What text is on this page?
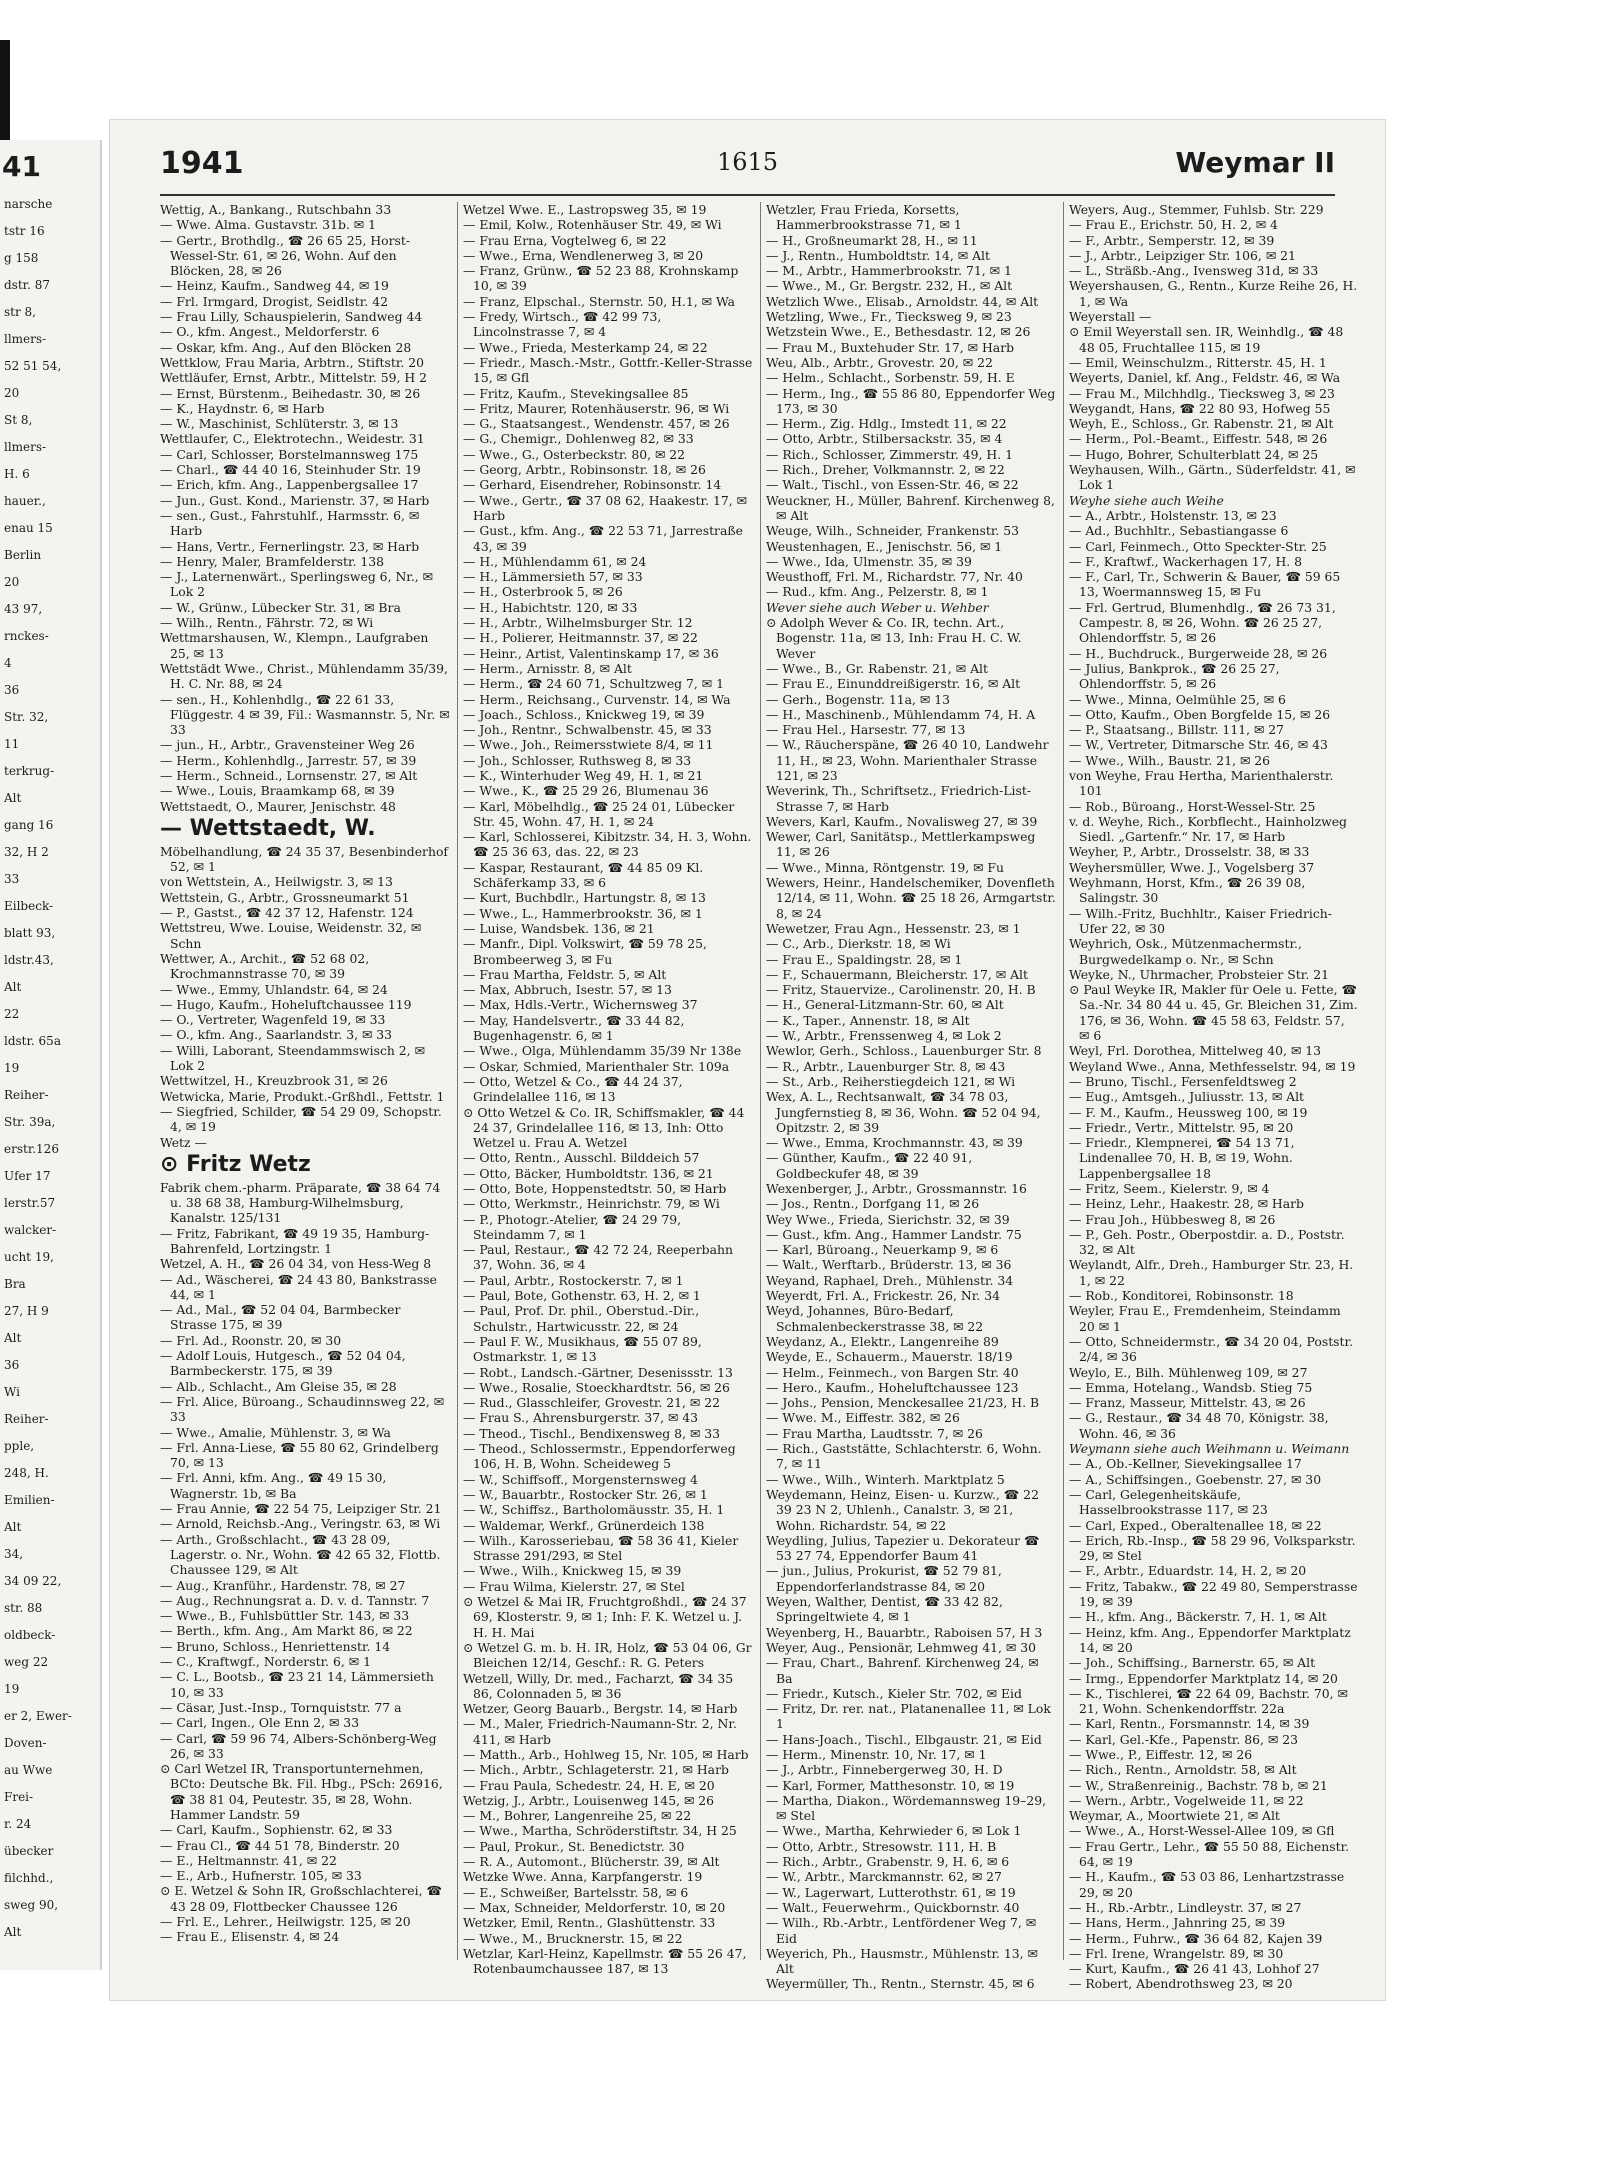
41
narsche
tstr 16
g 158
dstr. 87
str 8,
llmers-
52 51 54,
20
St 8,
llmers-
H. 6
hauer.,
enau 15
Berlin
20
43 97,
rnckes-
4
36
Str. 32,
11
terkrug-
Alt
gang 16
32, H 2
33
Eilbeck-
blatt 93,
ldstr.43,
Alt
22
ldstr. 65a
19
Reiher-
Str. 39a,
erstr.126
Ufer 17
lerstr.57
walcker-
ucht 19,
Bra
27, H 9
Alt
36
Wi
Reiher-
pple,
248, H.
Emilien-
Alt
34,
34 09 22,
str. 88
oldbeck-
weg 22
19
er 2, Ewer-
Doven-
au Wwe
Frei-
r. 24
übecker
filchhd.,
sweg 90,
Alt
1941	1615	Weymar II

Wettig, A., Bankang., Rutschbahn 33

— Wwe. Alma. Gustavstr. 31b. ✉ 1

— Gertr., Brothdlg., ☎ 26 65 25, Horst-Wessel-Str. 61, ✉ 26, Wohn. Auf den Blöcken, 28, ✉ 26

— Heinz, Kaufm., Sandweg 44, ✉ 19

— Frl. Irmgard, Drogist, Seidlstr. 42

— Frau Lilly, Schauspielerin, Sandweg 44

— O., kfm. Angest., Meldorferstr. 6

— Oskar, kfm. Ang., Auf den Blöcken 28

Wettklow, Frau Maria, Arbtrn., Stiftstr. 20

Wettläufer, Ernst, Arbtr., Mittelstr. 59, H 2

— Ernst, Bürstenm., Beihedastr. 30, ✉ 26

— K., Haydnstr. 6, ✉ Harb

— W., Maschinist, Schlüterstr. 3, ✉ 13

Wettlaufer, C., Elektrotechn., Weidestr. 31

— Carl, Schlosser, Borstelmannsweg 175

— Charl., ☎ 44 40 16, Steinhuder Str. 19

— Erich, kfm. Ang., Lappenbergsallee 17

— Jun., Gust. Kond., Marienstr. 37, ✉ Harb

— sen., Gust., Fahrstuhlf., Harmsstr. 6, ✉ Harb

— Hans, Vertr., Fernerlingstr. 23, ✉ Harb

— Henry, Maler, Bramfelderstr. 138

— J., Laternenwärt., Sperlingsweg 6, Nr., ✉ Lok 2

— W., Grünw., Lübecker Str. 31, ✉ Bra

— Wilh., Rentn., Fährstr. 72, ✉ Wi

Wettmarshausen, W., Klempn., Laufgraben 25, ✉ 13

Wettstädt Wwe., Christ., Mühlendamm 35/39, H. C. Nr. 88, ✉ 24

— sen., H., Kohlenhdlg., ☎ 22 61 33, Flüggestr. 4 ✉ 39, Fil.: Wasmannstr. 5, Nr. ✉ 33

— jun., H., Arbtr., Gravensteiner Weg 26

— Herm., Kohlenhdlg., Jarrestr. 57, ✉ 39

— Herm., Schneid., Lornsenstr. 27, ✉ Alt

— Wwe., Louis, Braamkamp 68, ✉ 39

Wettstaedt, O., Maurer, Jenischstr. 48

— Wettstaedt, W.

Möbelhandlung, ☎ 24 35 37, Besenbinderhof 52, ✉ 1

von Wettstein, A., Heilwigstr. 3, ✉ 13

Wettstein, G., Arbtr., Grossneumarkt 51

— P., Gastst., ☎ 42 37 12, Hafenstr. 124

Wettstreu, Wwe. Louise, Weidenstr. 32, ✉ Schn

Wettwer, A., Archit., ☎ 52 68 02, Krochmannstrasse 70, ✉ 39

— Wwe., Emmy, Uhlandstr. 64, ✉ 24

— Hugo, Kaufm., Hoheluftchaussee 119

— O., Vertreter, Wagenfeld 19, ✉ 33

— O., kfm. Ang., Saarlandstr. 3, ✉ 33

— Willi, Laborant, Steendammswisch 2, ✉ Lok 2

Wettwitzel, H., Kreuzbrook 31, ✉ 26

Wetwicka, Marie, Produkt.-Grßhdl., Fettstr. 1

— Siegfried, Schilder, ☎ 54 29 09, Schopstr. 4, ✉ 19

Wetz —

⊙ Fritz Wetz

Fabrik chem.-pharm. Präparate, ☎ 38 64 74 u. 38 68 38, Hamburg-Wilhelmsburg, Kanalstr. 125/131

— Fritz, Fabrikant, ☎ 49 19 35, Hamburg-Bahrenfeld, Lortzingstr. 1

Wetzel, A. H., ☎ 26 04 34, von Hess-Weg 8

— Ad., Wäscherei, ☎ 24 43 80, Bankstrasse 44, ✉ 1

— Ad., Mal., ☎ 52 04 04, Barmbecker Strasse 175, ✉ 39

— Frl. Ad., Roonstr. 20, ✉ 30

— Adolf Louis, Hutgesch., ☎ 52 04 04, Barmbeckerstr. 175, ✉ 39

— Alb., Schlacht., Am Gleise 35, ✉ 28

— Frl. Alice, Büroang., Schaudinnsweg 22, ✉ 33

— Wwe., Amalie, Mühlenstr. 3, ✉ Wa

— Frl. Anna-Liese, ☎ 55 80 62, Grindelberg 70, ✉ 13

— Frl. Anni, kfm. Ang., ☎ 49 15 30, Wagnerstr. 1b, ✉ Ba

— Frau Annie, ☎ 22 54 75, Leipziger Str. 21

— Arnold, Reichsb.-Ang., Veringstr. 63, ✉ Wi

— Arth., Großschlacht., ☎ 43 28 09, Lagerstr. o. Nr., Wohn. ☎ 42 65 32, Flottb. Chaussee 129, ✉ Alt

— Aug., Kranführ., Hardenstr. 78, ✉ 27

— Aug., Rechnungsrat a. D. v. d. Tannstr. 7

— Wwe., B., Fuhlsbüttler Str. 143, ✉ 33

— Berth., kfm. Ang., Am Markt 86, ✉ 22

— Bruno, Schloss., Henriettenstr. 14

— C., Kraftwgf., Norderstr. 6, ✉ 1

— C. L., Bootsb., ☎ 23 21 14, Lämmersieth 10, ✉ 33

— Cäsar, Just.-Insp., Tornquiststr. 77 a

— Carl, Ingen., Ole Enn 2, ✉ 33

— Carl, ☎ 59 96 74, Albers-Schönberg-Weg 26, ✉ 33

⊙ Carl Wetzel IR, Transportunternehmen, BCto: Deutsche Bk. Fil. Hbg., PSch: 26916, ☎ 38 81 04, Peutestr. 35, ✉ 28, Wohn. Hammer Landstr. 59

— Carl, Kaufm., Sophienstr. 62, ✉ 33

— Frau Cl., ☎ 44 51 78, Binderstr. 20

— E., Heltmannstr. 41, ✉ 22

— E., Arb., Hufnerstr. 105, ✉ 33

⊙ E. Wetzel & Sohn IR, Großschlachterei, ☎ 43 28 09, Flottbecker Chaussee 126

— Frl. E., Lehrer., Heilwigstr. 125, ✉ 20

— Frau E., Elisenstr. 4, ✉ 24

Wetzel Wwe. E., Lastropsweg 35, ✉ 19

— Emil, Kolw., Rotenhäuser Str. 49, ✉ Wi

— Frau Erna, Vogtelweg 6, ✉ 22

— Wwe., Erna, Wendlenerweg 3, ✉ 20

— Franz, Grünw., ☎ 52 23 88, Krohnskamp 10, ✉ 39

— Franz, Elpschal., Sternstr. 50, H.1, ✉ Wa

— Fredy, Wirtsch., ☎ 42 99 73, Lincolnstrasse 7, ✉ 4

— Wwe., Frieda, Mesterkamp 24, ✉ 22

— Friedr., Masch.-Mstr., Gottfr.-Keller-Strasse 15, ✉ Gfl

— Fritz, Kaufm., Stevekingsallee 85

— Fritz, Maurer, Rotenhäuserstr. 96, ✉ Wi

— G., Staatsangest., Wendenstr. 457, ✉ 26

— G., Chemigr., Dohlenweg 82, ✉ 33

— Wwe., G., Osterbeckstr. 80, ✉ 22

— Georg, Arbtr., Robinsonstr. 18, ✉ 26

— Gerhard, Eisendreher, Robinsonstr. 14

— Wwe., Gertr., ☎ 37 08 62, Haakestr. 17, ✉ Harb

— Gust., kfm. Ang., ☎ 22 53 71, Jarrestraße 43, ✉ 39

— H., Mühlendamm 61, ✉ 24

— H., Lämmersieth 57, ✉ 33

— H., Osterbrook 5, ✉ 26

— H., Habichtstr. 120, ✉ 33

— H., Arbtr., Wilhelmsburger Str. 12

— H., Polierer, Heitmannstr. 37, ✉ 22

— Heinr., Artist, Valentinskamp 17, ✉ 36

— Herm., Arnisstr. 8, ✉ Alt

— Herm., ☎ 24 60 71, Schultzweg 7, ✉ 1

— Herm., Reichsang., Curvenstr. 14, ✉ Wa

— Joach., Schloss., Knickweg 19, ✉ 39

— Joh., Rentnr., Schwalbenstr. 45, ✉ 33

— Wwe., Joh., Reimersstwiete 8/4, ✉ 11

— Joh., Schlosser, Ruthsweg 8, ✉ 33

— K., Winterhuder Weg 49, H. 1, ✉ 21

— Wwe., K., ☎ 25 29 26, Blumenau 36

— Karl, Möbelhdlg., ☎ 25 24 01, Lübecker Str. 45, Wohn. 47, H. 1, ✉ 24

— Karl, Schlosserei, Kibitzstr. 34, H. 3, Wohn. ☎ 25 36 63, das. 22, ✉ 23

— Kaspar, Restaurant, ☎ 44 85 09 Kl. Schäferkamp 33, ✉ 6

— Kurt, Buchbdlr., Hartungstr. 8, ✉ 13

— Wwe., L., Hammerbrookstr. 36, ✉ 1

— Luise, Wandsbek. 136, ✉ 21

— Manfr., Dipl. Volkswirt, ☎ 59 78 25, Brombeerweg 3, ✉ Fu

— Frau Martha, Feldstr. 5, ✉ Alt

— Max, Abbruch, Isestr. 57, ✉ 13

— Max, Hdls.-Vertr., Wichernsweg 37

— May, Handelsvertr., ☎ 33 44 82, Bugenhagenstr. 6, ✉ 1

— Wwe., Olga, Mühlendamm 35/39 Nr 138e

— Oskar, Schmied, Marienthaler Str. 109a

— Otto, Wetzel & Co., ☎ 44 24 37, Grindelallee 116, ✉ 13

⊙ Otto Wetzel & Co. IR, Schiffsmakler, ☎ 44 24 37, Grindelallee 116, ✉ 13, Inh: Otto Wetzel u. Frau A. Wetzel

— Otto, Rentn., Ausschl. Bilddeich 57

— Otto, Bäcker, Humboldtstr. 136, ✉ 21

— Otto, Bote, Hoppenstedtstr. 50, ✉ Harb

— Otto, Werkmstr., Heinrichstr. 79, ✉ Wi

— P., Photogr.-Atelier, ☎ 24 29 79, Steindamm 7, ✉ 1

— Paul, Restaur., ☎ 42 72 24, Reeperbahn 37, Wohn. 36, ✉ 4

— Paul, Arbtr., Rostockerstr. 7, ✉ 1

— Paul, Bote, Gothenstr. 63, H. 2, ✉ 1

— Paul, Prof. Dr. phil., Oberstud.-Dir., Schulstr., Hartwicusstr. 22, ✉ 24

— Paul F. W., Musikhaus, ☎ 55 07 89, Ostmarkstr. 1, ✉ 13

— Robt., Landsch.-Gärtner, Desenissstr. 13

— Wwe., Rosalie, Stoeckhardtstr. 56, ✉ 26

— Rud., Glasschleifer, Grovestr. 21, ✉ 22

— Frau S., Ahrensburgerstr. 37, ✉ 43

— Theod., Tischl., Bendixensweg 8, ✉ 33

— Theod., Schlossermstr., Eppendorferweg 106, H. B, Wohn. Scheideweg 5

— W., Schiffsoff., Morgensternsweg 4

— W., Bauarbtr., Rostocker Str. 26, ✉ 1

— W., Schiffsz., Bartholomäusstr. 35, H. 1

— Waldemar, Werkf., Grünerdeich 138

— Wilh., Karosseriebau, ☎ 58 36 41, Kieler Strasse 291/293, ✉ Stel

— Wwe., Wilh., Knickweg 15, ✉ 39

— Frau Wilma, Kielerstr. 27, ✉ Stel

⊙ Wetzel & Mai IR, Fruchtgroßhdl., ☎ 24 37 69, Klosterstr. 9, ✉ 1; Inh: F. K. Wetzel u. J. H. H. Mai

⊙ Wetzel G. m. b. H. IR, Holz, ☎ 53 04 06, Gr Bleichen 12/14, Geschf.: R. G. Peters

Wetzell, Willy, Dr. med., Facharzt, ☎ 34 35 86, Colonnaden 5, ✉ 36

Wetzer, Georg Bauarb., Bergstr. 14, ✉ Harb

— M., Maler, Friedrich-Naumann-Str. 2, Nr. 411, ✉ Harb

— Matth., Arb., Hohlweg 15, Nr. 105, ✉ Harb

— Mich., Arbtr., Schlageterstr. 21, ✉ Harb

— Frau Paula, Schedestr. 24, H. E, ✉ 20

Wetzig, J., Arbtr., Louisenweg 145, ✉ 26

— M., Bohrer, Langenreihe 25, ✉ 22

— Wwe., Martha, Schröderstiftstr. 34, H 25

— Paul, Prokur., St. Benedictstr. 30

— R. A., Automont., Blücherstr. 39, ✉ Alt

Wetzke Wwe. Anna, Karpfangerstr. 19

— E., Schweißer, Bartelsstr. 58, ✉ 6

— Max, Schneider, Meldorferstr. 10, ✉ 20

Wetzker, Emil, Rentn., Glashüttenstr. 33

— Wwe., M., Brucknerstr. 15, ✉ 22

Wetzlar, Karl-Heinz, Kapellmstr. ☎ 55 26 47, Rotenbaumchaussee 187, ✉ 13

Wetzler, Frau Frieda, Korsetts, Hammerbrookstrasse 71, ✉ 1

— H., Großneumarkt 28, H., ✉ 11

— J., Rentn., Humboldtstr. 14, ✉ Alt

— M., Arbtr., Hammerbrookstr. 71, ✉ 1

— Wwe., M., Gr. Bergstr. 232, H., ✉ Alt

Wetzlich Wwe., Elisab., Arnoldstr. 44, ✉ Alt

Wetzling, Wwe., Fr., Tiecksweg 9, ✉ 23

Wetzstein Wwe., E., Bethesdastr. 12, ✉ 26

— Frau M., Buxtehuder Str. 17, ✉ Harb

Weu, Alb., Arbtr., Grovestr. 20, ✉ 22

— Helm., Schlacht., Sorbenstr. 59, H. E

— Herm., Ing., ☎ 55 86 80, Eppendorfer Weg 173, ✉ 30

— Herm., Zig. Hdlg., Imstedt 11, ✉ 22

— Otto, Arbtr., Stilbersackstr. 35, ✉ 4

— Rich., Schlosser, Zimmerstr. 49, H. 1

— Rich., Dreher, Volkmannstr. 2, ✉ 22

— Walt., Tischl., von Essen-Str. 46, ✉ 22

Weuckner, H., Müller, Bahrenf. Kirchenweg 8, ✉ Alt

Weuge, Wilh., Schneider, Frankenstr. 53

Weustenhagen, E., Jenischstr. 56, ✉ 1

— Wwe., Ida, Ulmenstr. 35, ✉ 39

Weusthoff, Frl. M., Richardstr. 77, Nr. 40

— Rud., kfm. Ang., Pelzerstr. 8, ✉ 1

Wever siehe auch Weber u. Wehber

⊙ Adolph Wever & Co. IR, techn. Art., Bogenstr. 11a, ✉ 13, Inh: Frau H. C. W. Wever

— Wwe., B., Gr. Rabenstr. 21, ✉ Alt

— Frau E., Einunddreißigerstr. 16, ✉ Alt

— Gerh., Bogenstr. 11a, ✉ 13

— H., Maschinenb., Mühlendamm 74, H. A

— Frau Hel., Harsestr. 77, ✉ 13

— W., Räucherspäne, ☎ 26 40 10, Landwehr 11, H., ✉ 23, Wohn. Marienthaler Strasse 121, ✉ 23

Weverink, Th., Schriftsetz., Friedrich-List-Strasse 7, ✉ Harb

Wevers, Karl, Kaufm., Novalisweg 27, ✉ 39

Wewer, Carl, Sanitätsp., Mettlerkampsweg 11, ✉ 26

— Wwe., Minna, Röntgenstr. 19, ✉ Fu

Wewers, Heinr., Handelschemiker, Dovenfleth 12/14, ✉ 11, Wohn. ☎ 25 18 26, Armgartstr. 8, ✉ 24

Wewetzer, Frau Agn., Hessenstr. 23, ✉ 1

— C., Arb., Dierkstr. 18, ✉ Wi

— Frau E., Spaldingstr. 28, ✉ 1

— F., Schauermann, Bleicherstr. 17, ✉ Alt

— Fritz, Stauervize., Carolinenstr. 20, H. B

— H., General-Litzmann-Str. 60, ✉ Alt

— K., Taper., Annenstr. 18, ✉ Alt

— W., Arbtr., Frenssenweg 4, ✉ Lok 2

Wewlor, Gerh., Schloss., Lauenburger Str. 8

— R., Arbtr., Lauenburger Str. 8, ✉ 43

— St., Arb., Reiherstiegdeich 121, ✉ Wi

Wex, A. L., Rechtsanwalt, ☎ 34 78 03, Jungfernstieg 8, ✉ 36, Wohn. ☎ 52 04 94, Opitzstr. 2, ✉ 39

— Wwe., Emma, Krochmannstr. 43, ✉ 39

— Günther, Kaufm., ☎ 22 40 91, Goldbeckufer 48, ✉ 39

Wexenberger, J., Arbtr., Grossmannstr. 16

— Jos., Rentn., Dorfgang 11, ✉ 26

Wey Wwe., Frieda, Sierichstr. 32, ✉ 39

— Gust., kfm. Ang., Hammer Landstr. 75

— Karl, Büroang., Neuerkamp 9, ✉ 6

— Walt., Werftarb., Brüderstr. 13, ✉ 36

Weyand, Raphael, Dreh., Mühlenstr. 34

Weyerdt, Frl. A., Frickestr. 26, Nr. 34

Weyd, Johannes, Büro-Bedarf, Schmalenbeckerstrasse 38, ✉ 22

Weydanz, A., Elektr., Langenreihe 89

Weyde, E., Schauerm., Mauerstr. 18/19

— Helm., Feinmech., von Bargen Str. 40

— Hero., Kaufm., Hoheluftchaussee 123

— Johs., Pension, Menckesallee 21/23, H. B

— Wwe. M., Eiffestr. 382, ✉ 26

— Frau Martha, Laudtsstr. 7, ✉ 26

— Rich., Gaststätte, Schlachterstr. 6, Wohn. 7, ✉ 11

— Wwe., Wilh., Winterh. Marktplatz 5

Weydemann, Heinz, Eisen- u. Kurzw., ☎ 22 39 23 N 2, Uhlenh., Canalstr. 3, ✉ 21, Wohn. Richardstr. 54, ✉ 22

Weydling, Julius, Tapezier u. Dekorateur ☎ 53 27 74, Eppendorfer Baum 41

— jun., Julius, Prokurist, ☎ 52 79 81, Eppendorferlandstrasse 84, ✉ 20

Weyen, Walther, Dentist, ☎ 33 42 82, Springeltwiete 4, ✉ 1

Weyenberg, H., Bauarbtr., Raboisen 57, H 3

Weyer, Aug., Pensionär, Lehmweg 41, ✉ 30

— Frau, Chart., Bahrenf. Kirchenweg 24, ✉ Ba

— Friedr., Kutsch., Kieler Str. 702, ✉ Eid

— Fritz, Dr. rer. nat., Platanenallee 11, ✉ Lok 1

— Hans-Joach., Tischl., Elbgaustr. 21, ✉ Eid

— Herm., Minenstr. 10, Nr. 17, ✉ 1

— J., Arbtr., Finnebergerweg 30, H. D

— Karl, Former, Matthesonstr. 10, ✉ 19

— Martha, Diakon., Wördemannsweg 19–29, ✉ Stel

— Wwe., Martha, Kehrwieder 6, ✉ Lok 1

— Otto, Arbtr., Stresowstr. 111, H. B

— Rich., Arbtr., Grabenstr. 9, H. 6, ✉ 6

— W., Arbtr., Marckmannstr. 62, ✉ 27

— W., Lagerwart, Lutterothstr. 61, ✉ 19

— Walt., Feuerwehrm., Quickbornstr. 40

— Wilh., Rb.-Arbtr., Lentfördener Weg 7, ✉ Eid

Weyerich, Ph., Hausmstr., Mühlenstr. 13, ✉ Alt

Weyermüller, Th., Rentn., Sternstr. 45, ✉ 6

Weyers, Aug., Stemmer, Fuhlsb. Str. 229

— Frau E., Erichstr. 50, H. 2, ✉ 4

— F., Arbtr., Semperstr. 12, ✉ 39

— J., Arbtr., Leipziger Str. 106, ✉ 21

— L., Sträßb.-Ang., Ivensweg 31d, ✉ 33

Weyershausen, G., Rentn., Kurze Reihe 26, H. 1, ✉ Wa

Weyerstall —

⊙ Emil Weyerstall sen. IR, Weinhdlg., ☎ 48 48 05, Fruchtallee 115, ✉ 19

— Emil, Weinschulzm., Ritterstr. 45, H. 1

Weyerts, Daniel, kf. Ang., Feldstr. 46, ✉ Wa

— Frau M., Milchhdlg., Tiecksweg 3, ✉ 23

Weygandt, Hans, ☎ 22 80 93, Hofweg 55

Weyh, E., Schloss., Gr. Rabenstr. 21, ✉ Alt

— Herm., Pol.-Beamt., Eiffestr. 548, ✉ 26

— Hugo, Bohrer, Schulterblatt 24, ✉ 25

Weyhausen, Wilh., Gärtn., Süderfeldstr. 41, ✉ Lok 1

Weyhe siehe auch Weihe

— A., Arbtr., Holstenstr. 13, ✉ 23

— Ad., Buchhltr., Sebastiangasse 6

— Carl, Feinmech., Otto Speckter-Str. 25

— F., Kraftwf., Wackerhagen 17, H. 8

— F., Carl, Tr., Schwerin & Bauer, ☎ 59 65 13, Woermannsweg 15, ✉ Fu

— Frl. Gertrud, Blumenhdlg., ☎ 26 73 31, Campestr. 8, ✉ 26, Wohn. ☎ 26 25 27, Ohlendorffstr. 5, ✉ 26

— H., Buchdruck., Burgerweide 28, ✉ 26

— Julius, Bankprok., ☎ 26 25 27, Ohlendorffstr. 5, ✉ 26

— Wwe., Minna, Oelmühle 25, ✉ 6

— Otto, Kaufm., Oben Borgfelde 15, ✉ 26

— P., Staatsang., Billstr. 111, ✉ 27

— W., Vertreter, Ditmarsche Str. 46, ✉ 43

— Wwe., Wilh., Baustr. 21, ✉ 26

von Weyhe, Frau Hertha, Marienthalerstr. 101

— Rob., Büroang., Horst-Wessel-Str. 25

v. d. Weyhe, Rich., Korbflecht., Hainholzweg Siedl. „Gartenfr.“ Nr. 17, ✉ Harb

Weyher, P., Arbtr., Drosselstr. 38, ✉ 33

Weyhersmüller, Wwe. J., Vogelsberg 37

Weyhmann, Horst, Kfm., ☎ 26 39 08, Salingstr. 30

— Wilh.-Fritz, Buchhltr., Kaiser Friedrich-Ufer 22, ✉ 30

Weyhrich, Osk., Mützenmachermstr., Burgwedelkamp o. Nr., ✉ Schn

Weyke, N., Uhrmacher, Probsteier Str. 21

⊙ Paul Weyke IR, Makler für Oele u. Fette, ☎ Sa.-Nr. 34 80 44 u. 45, Gr. Bleichen 31, Zim. 176, ✉ 36, Wohn. ☎ 45 58 63, Feldstr. 57, ✉ 6

Weyl, Frl. Dorothea, Mittelweg 40, ✉ 13

Weyland Wwe., Anna, Methfesselstr. 94, ✉ 19

— Bruno, Tischl., Fersenfeldtsweg 2

— Eug., Amtsgeh., Juliusstr. 13, ✉ Alt

— F. M., Kaufm., Heussweg 100, ✉ 19

— Friedr., Vertr., Mittelstr. 95, ✉ 20

— Friedr., Klempnerei, ☎ 54 13 71, Lindenallee 70, H. B, ✉ 19, Wohn. Lappenbergsallee 18

— Fritz, Seem., Kielerstr. 9, ✉ 4

— Heinz, Lehr., Haakestr. 28, ✉ Harb

— Frau Joh., Hübbesweg 8, ✉ 26

— P., Geh. Postr., Oberpostdir. a. D., Poststr. 32, ✉ Alt

Weylandt, Alfr., Dreh., Hamburger Str. 23, H. 1, ✉ 22

— Rob., Konditorei, Robinsonstr. 18

Weyler, Frau E., Fremdenheim, Steindamm 20 ✉ 1

— Otto, Schneidermstr., ☎ 34 20 04, Poststr. 2/4, ✉ 36

Weylo, E., Bilh. Mühlenweg 109, ✉ 27

— Emma, Hotelang., Wandsb. Stieg 75

— Franz, Masseur, Mittelstr. 43, ✉ 26

— G., Restaur., ☎ 34 48 70, Königstr. 38, Wohn. 46, ✉ 36

Weymann siehe auch Weihmann u. Weimann

— A., Ob.-Kellner, Sievekingsallee 17

— A., Schiffsingen., Goebenstr. 27, ✉ 30

— Carl, Gelegenheitskäufe, Hasselbrookstrasse 117, ✉ 23

— Carl, Exped., Oberaltenallee 18, ✉ 22

— Erich, Rb.-Insp., ☎ 58 29 96, Volksparkstr. 29, ✉ Stel

— F., Arbtr., Eduardstr. 14, H. 2, ✉ 20

— Fritz, Tabakw., ☎ 22 49 80, Semperstrasse 19, ✉ 39

— H., kfm. Ang., Bäckerstr. 7, H. 1, ✉ Alt

— Heinz, kfm. Ang., Eppendorfer Marktplatz 14, ✉ 20

— Joh., Schiffsing., Barnerstr. 65, ✉ Alt

— Irmg., Eppendorfer Marktplatz 14, ✉ 20

— K., Tischlerei, ☎ 22 64 09, Bachstr. 70, ✉ 21, Wohn. Schenkendorffstr. 22a

— Karl, Rentn., Forsmannstr. 14, ✉ 39

— Karl, Gel.-Kfe., Papenstr. 86, ✉ 23

— Wwe., P., Eiffestr. 12, ✉ 26

— Rich., Rentn., Arnoldstr. 58, ✉ Alt

— W., Straßenreinig., Bachstr. 78 b, ✉ 21

— Wern., Arbtr., Vogelweide 11, ✉ 22

Weymar, A., Moortwiete 21, ✉ Alt

— Wwe., A., Horst-Wessel-Allee 109, ✉ Gfl

— Frau Gertr., Lehr., ☎ 55 50 88, Eichenstr. 64, ✉ 19

— H., Kaufm., ☎ 53 03 86, Lenhartzstrasse 29, ✉ 20

— H., Rb.-Arbtr., Lindleystr. 37, ✉ 27

— Hans, Herm., Jahnring 25, ✉ 39

— Herm., Fuhrw., ☎ 36 64 82, Kajen 39

— Frl. Irene, Wrangelstr. 89, ✉ 30

— Kurt, Kaufm., ☎ 26 41 43, Lohhof 27

— Robert, Abendrothsweg 23, ✉ 20
